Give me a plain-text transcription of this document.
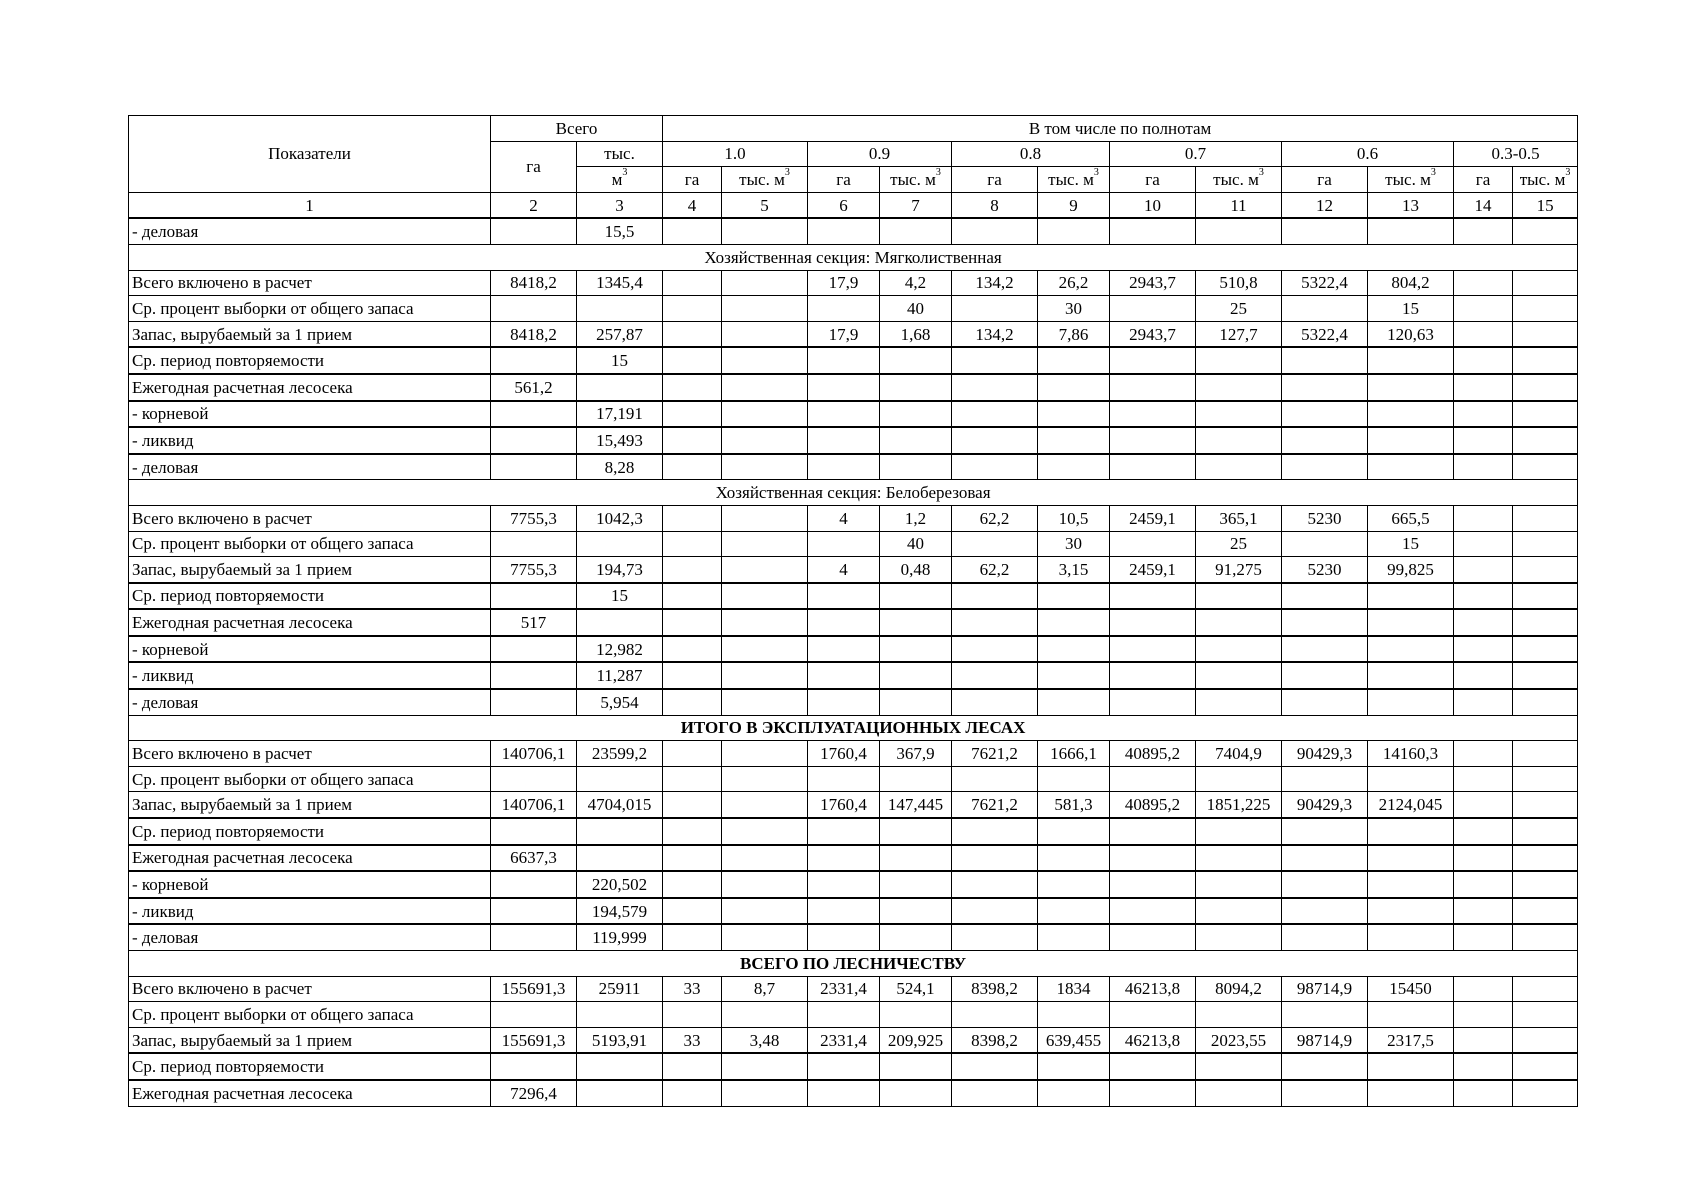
Показатели	Всего		В том числе по полнотам											
	га	тыс.	1.0		0.9		0.8		0.7		0.6		0.3-0.5	
		$м^3$	га	тыс. $м^3$	га	тыс. $м^3$	га	тыс. $м^3$	га	тыс. $м^3$	га	тыс. $м^3$	га	тыс. $м^3$
1	2	3	4	5	6	7	8	9	10	11	12	13	14	15
- деловая		15,5												
Хозяйственная секция: Мягколиственная														
Всего включено в расчет	8418,2	1345,4			17,9	4,2	134,2	26,2	2943,7	510,8	5322,4	804,2		
Ср. процент выборки от общего запаса						40		30		25		15		
Запас, вырубаемый за 1 прием	8418,2	257,87			17,9	1,68	134,2	7,86	2943,7	127,7	5322,4	120,63		
Ср. период повторяемости		15												
Ежегодная расчетная лесосека	561,2													
- корневой		17,191												
- ликвид		15,493												
- деловая		8,28												
Хозяйственная секция: Белоберезовая														
Всего включено в расчет	7755,3	1042,3			4	1,2	62,2	10,5	2459,1	365,1	5230	665,5		
Ср. процент выборки от общего запаса						40		30		25		15		
Запас, вырубаемый за 1 прием	7755,3	194,73			4	0,48	62,2	3,15	2459,1	91,275	5230	99,825		
Ср. период повторяемости		15												
Ежегодная расчетная лесосека	517													
- корневой		12,982												
- ликвид		11,287												
- деловая		5,954												
ИТОГО В ЭКСПЛУАТАЦИОННЫХ ЛЕСАХ														
Всего включено в расчет	140706,1	23599,2			1760,4	367,9	7621,2	1666,1	40895,2	7404,9	90429,3	14160,3		
Ср. процент выборки от общего запаса														
Запас, вырубаемый за 1 прием	140706,1	4704,015			1760,4	147,445	7621,2	581,3	40895,2	1851,225	90429,3	2124,045		
Ср. период повторяемости														
Ежегодная расчетная лесосека	6637,3													
- корневой		220,502												
- ликвид		194,579												
- деловая		119,999												
ВСЕГО ПО ЛЕСНИЧЕСТВУ														
Всего включено в расчет	155691,3	25911	33	8,7	2331,4	524,1	8398,2	1834	46213,8	8094,2	98714,9	15450		
Ср. процент выборки от общего запаса														
Запас, вырубаемый за 1 прием	155691,3	5193,91	33	3,48	2331,4	209,925	8398,2	639,455	46213,8	2023,55	98714,9	2317,5		
Ср. период повторяемости														
Ежегодная расчетная лесосека	7296,4													
